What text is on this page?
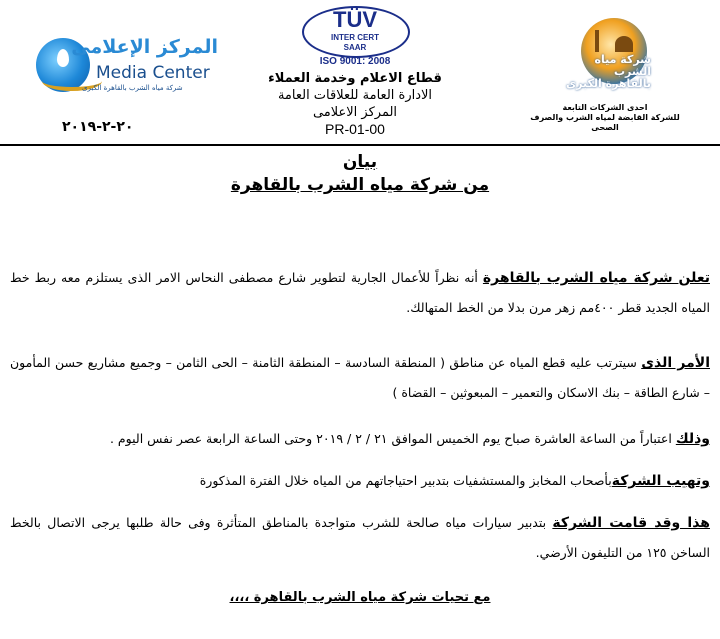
المركز الإعلامى
Media Center
شركة مياه الشرب بالقاهرة الكبرى
٢٠-٢-٢٠١٩
TÜV
INTER CERT
SAAR
ISO 9001: 2008
قطاع الاعلام وخدمة العملاء
الادارة العامة للعلاقات العامة
المركز الاعلامى
PR-01-00
شركة مياه الشرب
بالقاهرة الكبرى
احدى الشركات التابعة
للشركة القابضة لمياه الشرب والصرف الصحى
بيان
من شركة مياه الشرب بالقاهرة
تعلن شركة مياه الشرب بالقاهرة أنه نظراً للأعمال الجارية لتطوير شارع مصطفى النحاس الامر الذى يستلزم معه ربط خط المياه الجديد قطر ٤٠٠مم زهر مرن بدلا من الخط المتهالك.
الأمر الذى سيترتب عليه قطع المياه عن مناطق ( المنطقة السادسة – المنطقة الثامنة – الحى الثامن – وجميع مشاريع حسن المأمون – شارع الطاقة – بنك الاسكان والتعمير – المبعوثين – القضاة )
وذلك اعتباراً من الساعة العاشرة صباح يوم الخميس الموافق ٢١ / ٢ / ٢٠١٩ وحتى الساعة الرابعة عصر نفس اليوم .
وتهيب الشركةبأصحاب المخابز والمستشفيات بتدبير احتياجاتهم من المياه خلال الفترة المذكورة
هذا وقد قامت الشركة بتدبير سيارات مياه صالحة للشرب متواجدة بالمناطق المتأثرة وفى حالة طلبها يرجى الاتصال بالخط الساخن ١٢٥ من التليفون الأرضي.
مع تحيات شركة مياه الشرب بالقاهرة ،،،،
